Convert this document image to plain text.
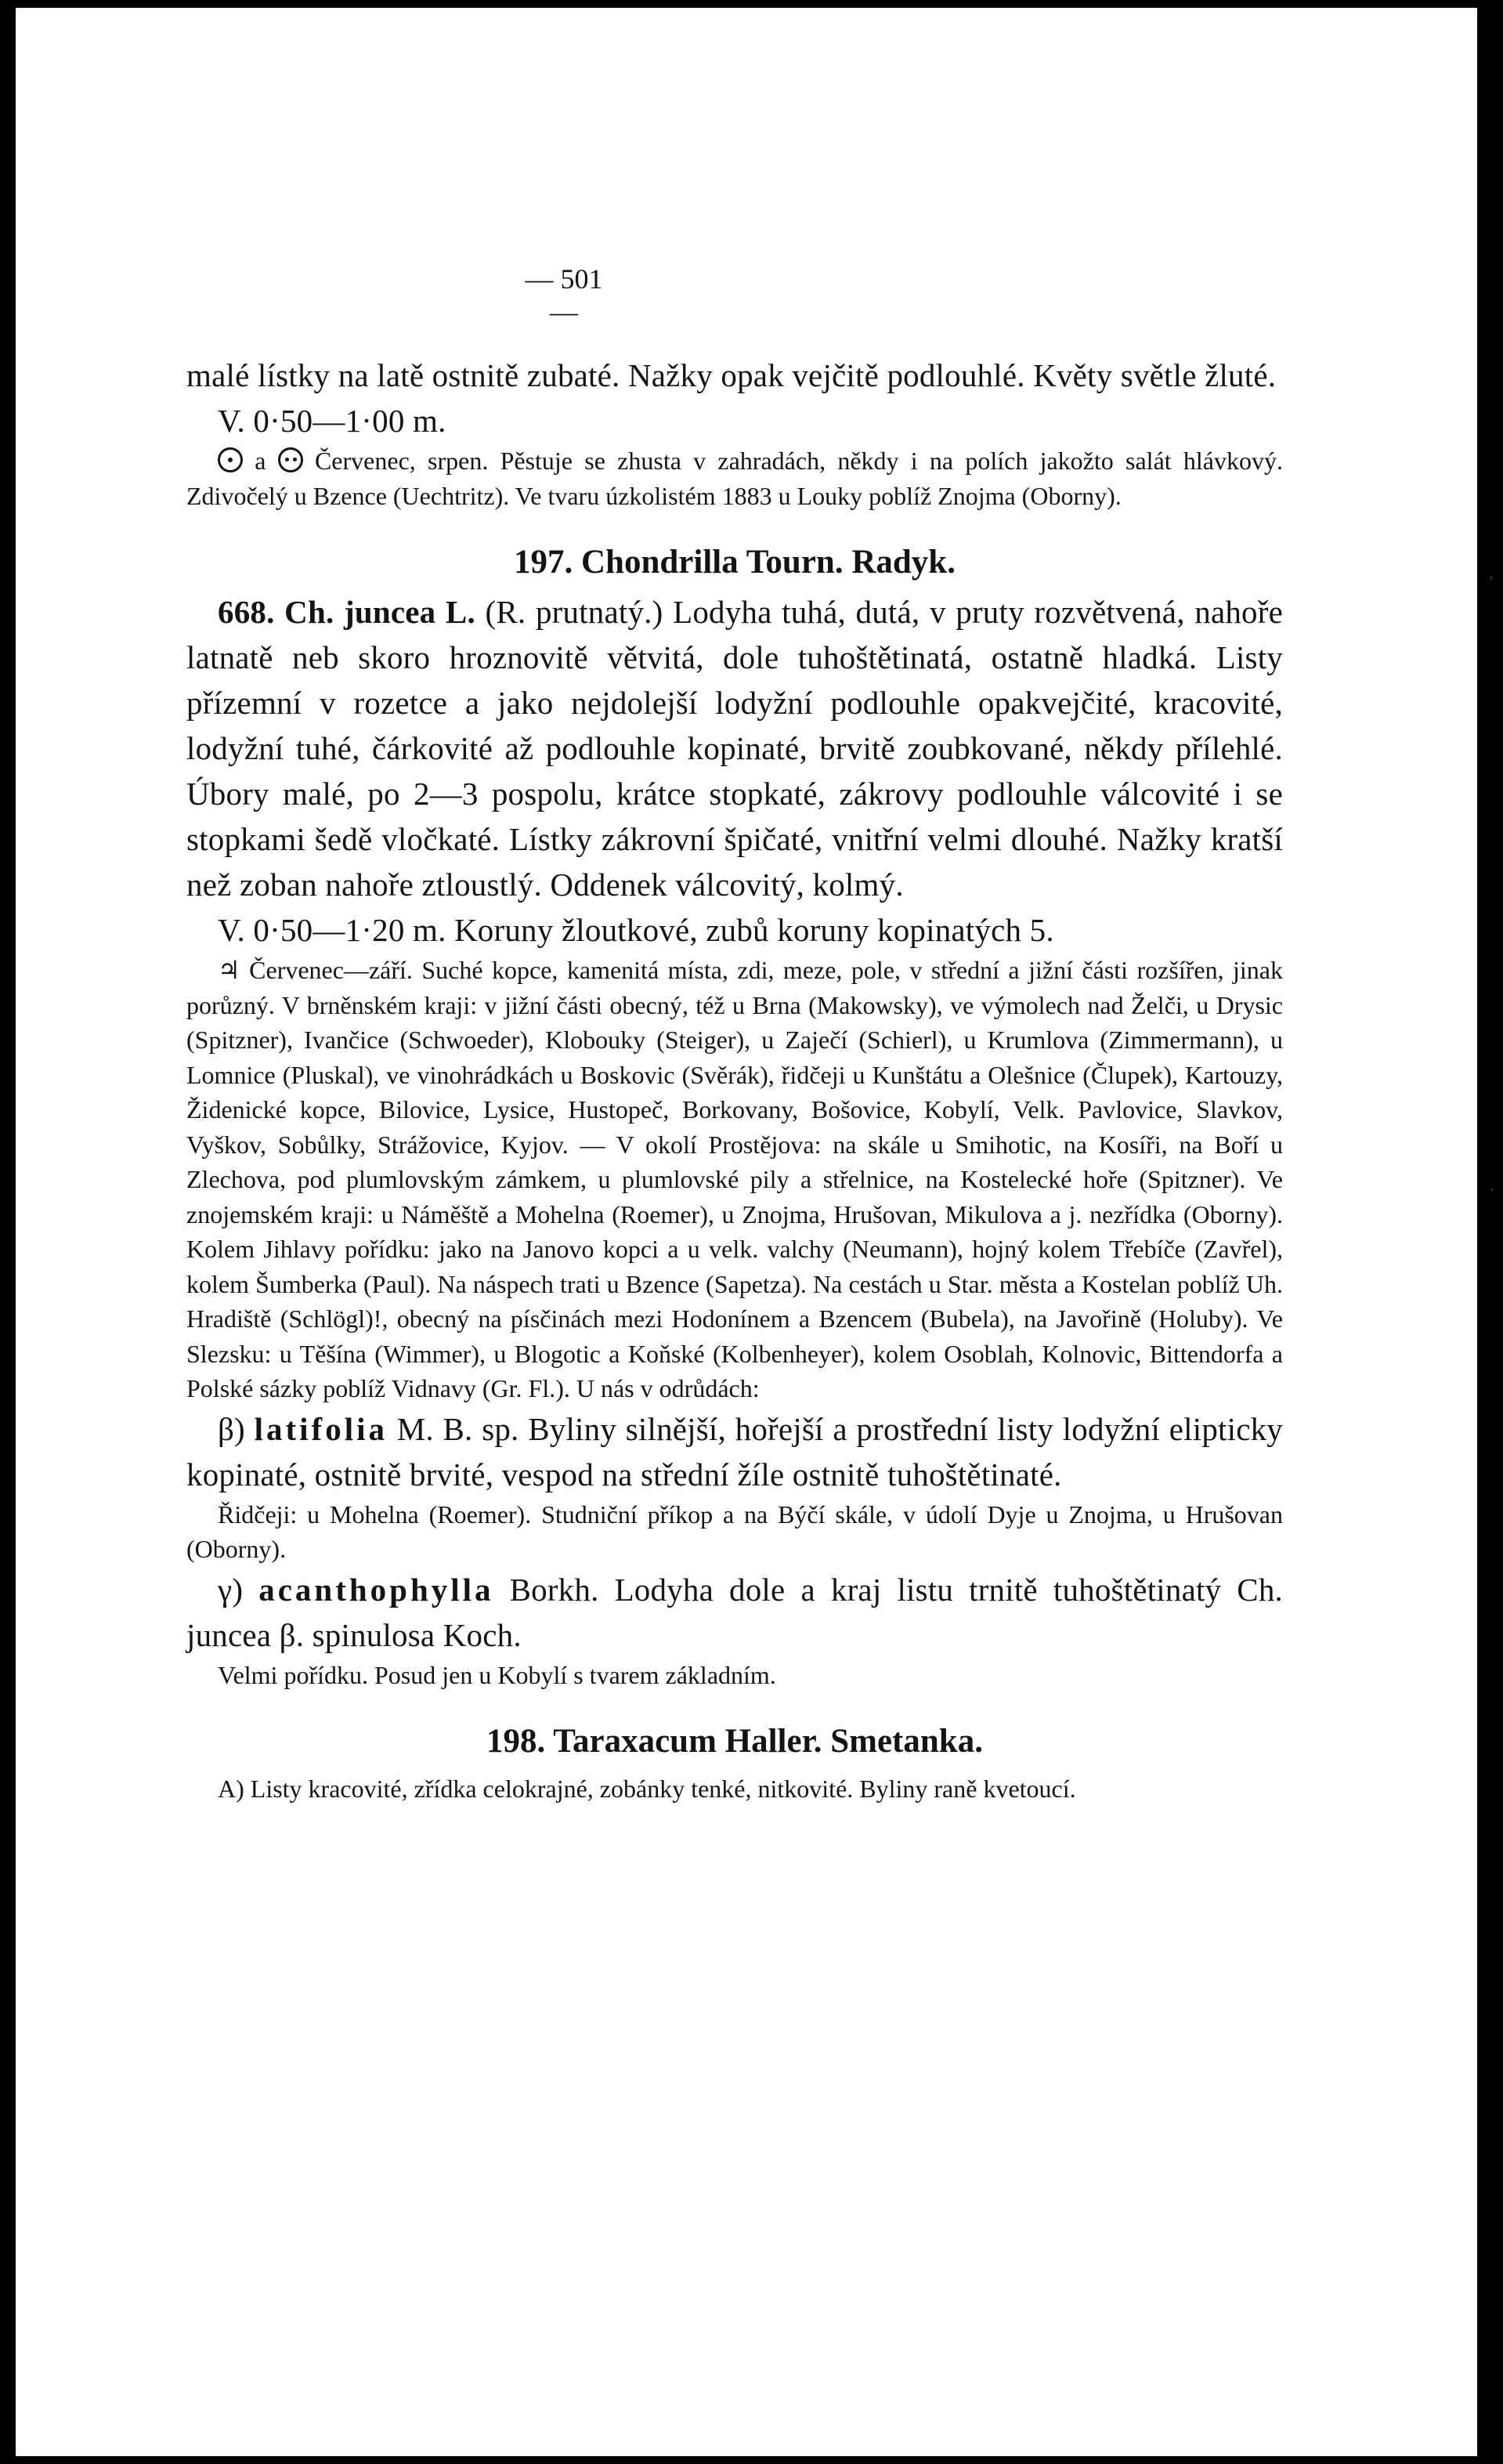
'
.
— 501 —

malé lístky na latě ostnitě zubaté. Nažky opak vejčitě podlouhlé. Květy světle žluté.

V. 0·50—1·00 m.

a Červenec, srpen. Pěstuje se zhusta v zahradách, někdy i na polích jakožto salát hlávkový. Zdivočelý u Bzence (Uechtritz). Ve tvaru úzkolistém 1883 u Louky poblíž Znojma (Oborny).

197. Chondrilla Tourn. Radyk.

668. Ch. juncea L. (R. prutnatý.) Lodyha tuhá, dutá, v pruty rozvětvená, nahoře latnatě neb skoro hroznovitě větvitá, dole tuhoštětinatá, ostatně hladká. Listy přízemní v rozetce a jako nejdolejší lodyžní podlouhle opakvejčité, kracovité, lodyžní tuhé, čárkovité až podlouhle kopinaté, brvitě zoubkované, někdy přílehlé. Úbory malé, po 2—3 pospolu, krátce stopkaté, zákrovy podlouhle válcovité i se stopkami šedě vločkaté. Lístky zákrovní špičaté, vnitřní velmi dlouhé. Nažky kratší než zoban nahoře ztloustlý. Oddenek válcovitý, kolmý.

V. 0·50—1·20 m. Koruny žloutkové, zubů koruny kopinatých 5.

♃ Červenec—září. Suché kopce, kamenitá místa, zdi, meze, pole, v střední a jižní části rozšířen, jinak porůzný. V brněnském kraji: v jižní části obecný, též u Brna (Makowsky), ve výmolech nad Želči, u Drysic (Spitzner), Ivančice (Schwoeder), Klobouky (Steiger), u Zaječí (Schierl), u Krumlova (Zimmermann), u Lomnice (Pluskal), ve vinohrádkách u Boskovic (Svěrák), řidčeji u Kunštátu a Olešnice (Člupek), Kartouzy, Židenické kopce, Bilovice, Lysice, Hustopeč, Borkovany, Bošovice, Kobylí, Velk. Pavlovice, Slavkov, Vyškov, Sobůlky, Strážovice, Kyjov. — V okolí Prostějova: na skále u Smihotic, na Kosíři, na Boří u Zlechova, pod plumlovským zámkem, u plumlovské pily a střelnice, na Kostelecké hoře (Spitzner). Ve znojemském kraji: u Náměště a Mohelna (Roemer), u Znojma, Hrušovan, Mikulova a j. nezřídka (Oborny). Kolem Jihlavy pořídku: jako na Janovo kopci a u velk. valchy (Neumann), hojný kolem Třebíče (Zavřel), kolem Šumberka (Paul). Na náspech trati u Bzence (Sapetza). Na cestách u Star. města a Kostelan poblíž Uh. Hradiště (Schlögl)!, obecný na písčinách mezi Hodonínem a Bzencem (Bubela), na Javořině (Holuby). Ve Slezsku: u Těšína (Wimmer), u Blogotic a Koňské (Kolbenheyer), kolem Osoblah, Kolnovic, Bittendorfa a Polské sázky poblíž Vidnavy (Gr. Fl.). U nás v odrůdách:

β) latifolia M. B. sp. Byliny silnější, hořejší a prostřední listy lodyžní elipticky kopinaté, ostnitě brvité, vespod na střední žíle ostnitě tuhoštětinaté.

Řidčeji: u Mohelna (Roemer). Studniční příkop a na Býčí skále, v údolí Dyje u Znojma, u Hrušovan (Oborny).

γ) acanthophylla Borkh. Lodyha dole a kraj listu trnitě tuhoštětinatý Ch. juncea β. spinulosa Koch.

Velmi pořídku. Posud jen u Kobylí s tvarem základním.

198. Taraxacum Haller. Smetanka.

A) Listy kracovité, zřídka celokrajné, zobánky tenké, nitkovité. Byliny raně kvetoucí.
